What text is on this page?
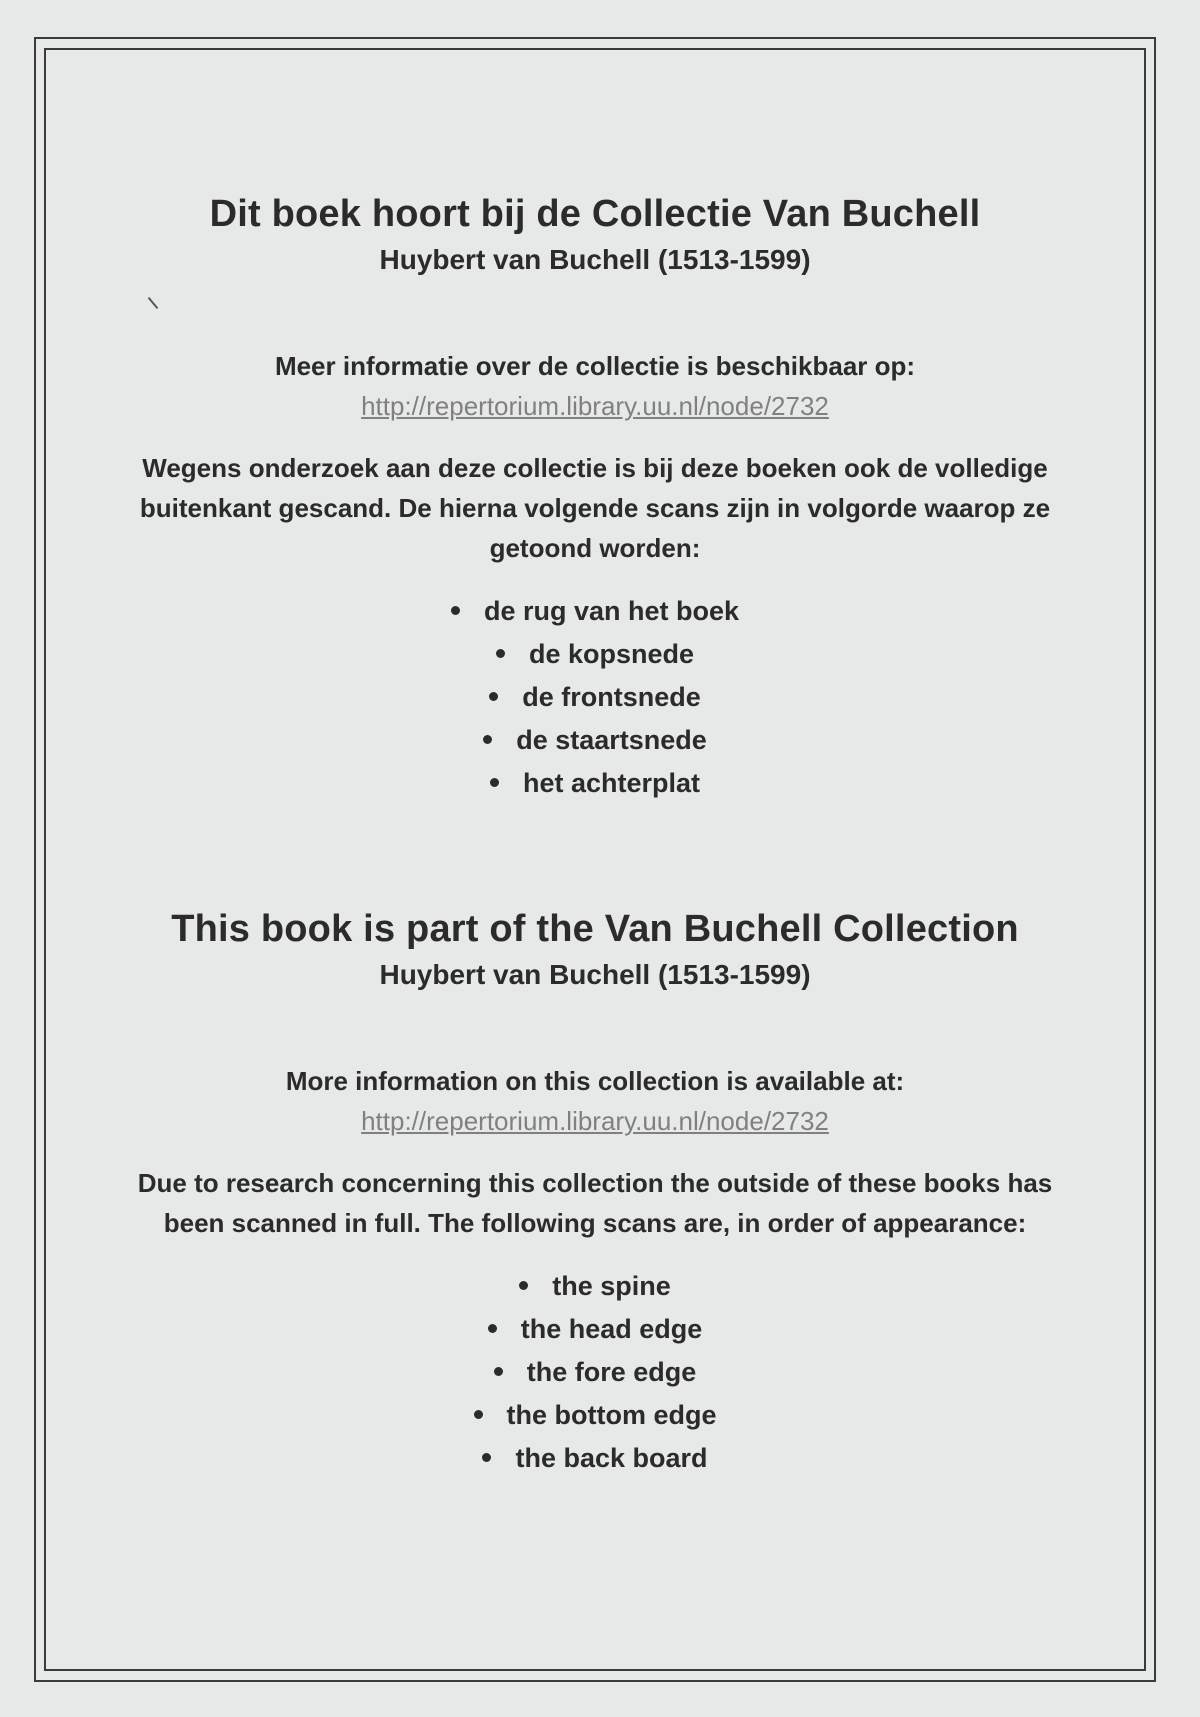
Dit boek hoort bij de Collectie Van Buchell

Huybert van Buchell (1513-1599)

Meer informatie over de collectie is beschikbaar op:

http://repertorium.library.uu.nl/node/2732

Wegens onderzoek aan deze collectie is bij deze boeken ook de volledige buitenkant gescand. De hierna volgende scans zijn in volgorde waarop ze getoond worden:

de rug van het boek
de kopsnede
de frontsnede
de staartsnede
het achterplat
This book is part of the Van Buchell Collection

Huybert van Buchell (1513-1599)

More information on this collection is available at:

http://repertorium.library.uu.nl/node/2732

Due to research concerning this collection the outside of these books has been scanned in full. The following scans are, in order of appearance:

the spine
the head edge
the fore edge
the bottom edge
the back board
